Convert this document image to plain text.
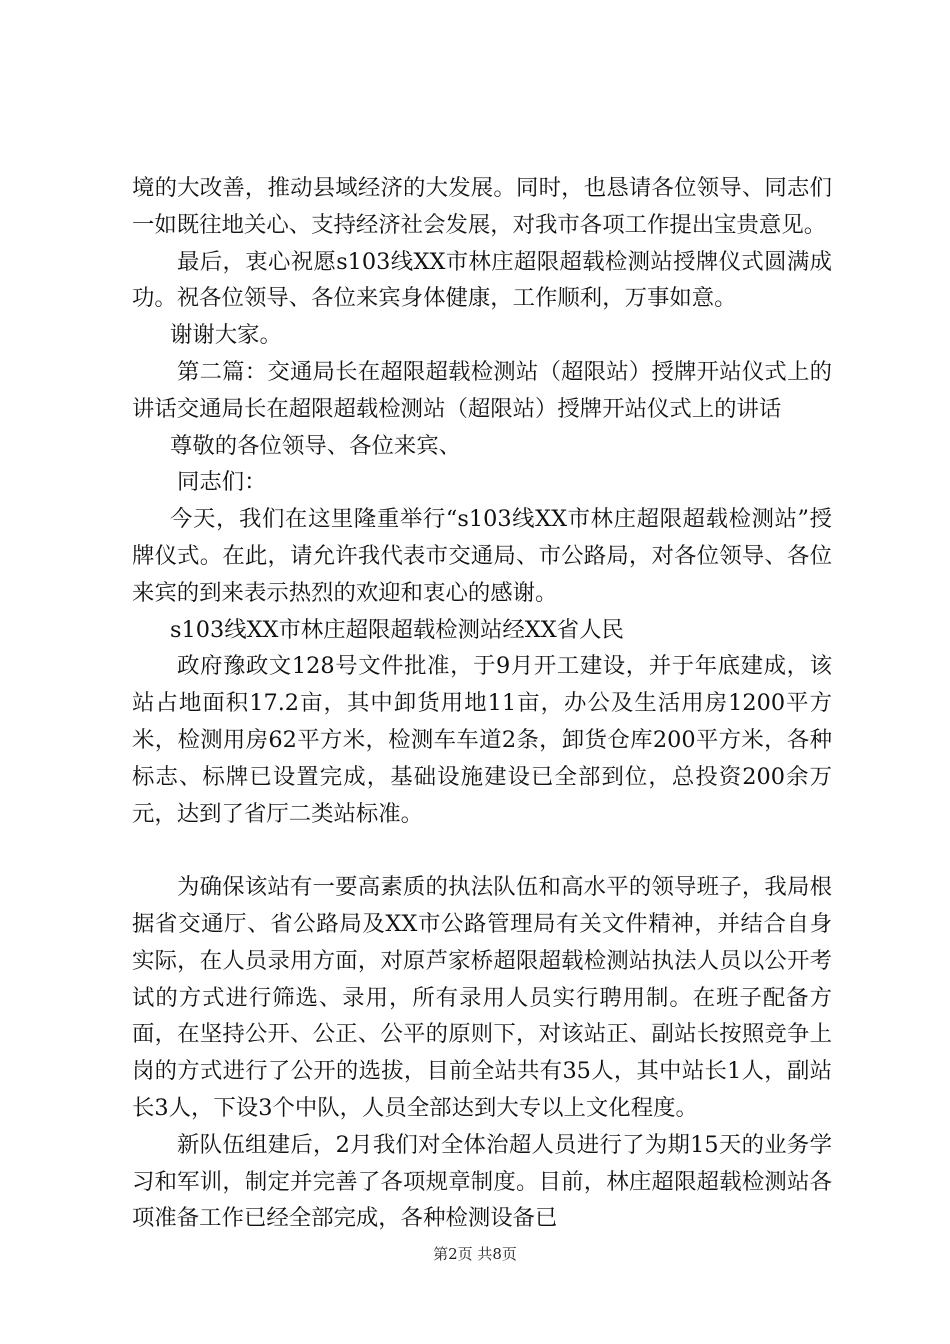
境的大改善，推动县域经济的大发展。同时，也恳请各位领导、同志们一如既往地关心、支持经济社会发展，对我市各项工作提出宝贵意见。

最后，衷心祝愿s103线XX市林庄超限超载检测站授牌仪式圆满成功。祝各位领导、各位来宾身体健康，工作顺利，万事如意。

谢谢大家。

第二篇：交通局长在超限超载检测站（超限站）授牌开站仪式上的讲话交通局长在超限超载检测站（超限站）授牌开站仪式上的讲话

尊敬的各位领导、各位来宾、

同志们：

今天，我们在这里隆重举行“s103线XX市林庄超限超载检测站”授牌仪式。在此，请允许我代表市交通局、市公路局，对各位领导、各位来宾的到来表示热烈的欢迎和衷心的感谢。

s103线XX市林庄超限超载检测站经XX省人民

政府豫政文128号文件批准，于9月开工建设，并于年底建成，该站占地面积17.2亩，其中卸货用地11亩，办公及生活用房1200平方米，检测用房62平方米，检测车车道2条，卸货仓库200平方米，各种标志、标牌已设置完成，基础设施建设已全部到位，总投资200余万元，达到了省厅二类站标准。

为确保该站有一要高素质的执法队伍和高水平的领导班子，我局根据省交通厅、省公路局及XX市公路管理局有关文件精神，并结合自身实际，在人员录用方面，对原芦家桥超限超载检测站执法人员以公开考试的方式进行筛选、录用，所有录用人员实行聘用制。在班子配备方面，在坚持公开、公正、公平的原则下，对该站正、副站长按照竞争上岗的方式进行了公开的选拔，目前全站共有35人，其中站长1人，副站长3人，下设3个中队，人员全部达到大专以上文化程度。

新队伍组建后，2月我们对全体治超人员进行了为期15天的业务学习和军训，制定并完善了各项规章制度。目前，林庄超限超载检测站各项准备工作已经全部完成，各种检测设备已

第2页 共8页
